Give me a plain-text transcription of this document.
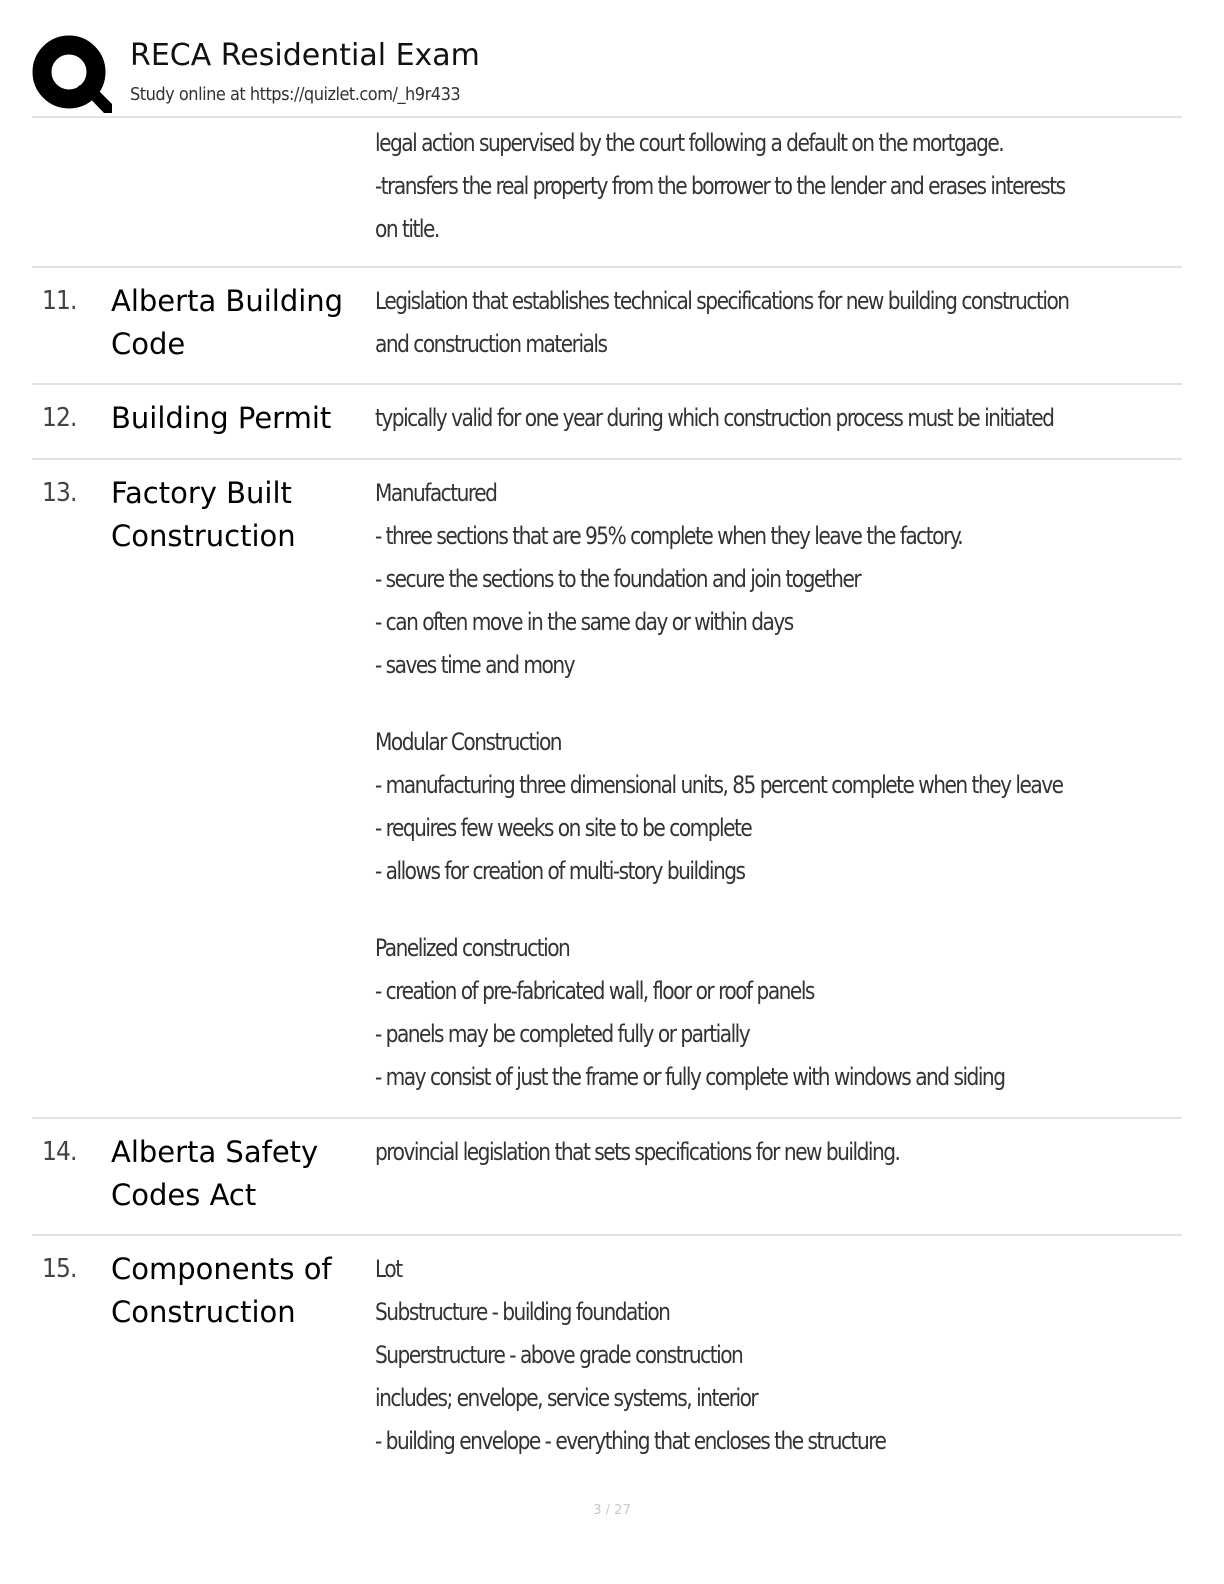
RECA Residential Exam
Study online at https://quizlet.com/_h9r433
legal action supervised by the court following a default on the mortgage.
-transfers the real property from the borrower to the lender and erases interests
on title.
11. Alberta Building
Code
Legislation that establishes technical specifications for new building construction
and construction materials
12. Building Permit	typically valid for one year during which construction process must be initiated
13. Factory Built
Construction
Manufactured
- three sections that are 95% complete when they leave the factory.
- secure the sections to the foundation and join together
- can often move in the same day or within days
- saves time and mony
Modular Construction
- manufacturing three dimensional units, 85 percent complete when they leave
- requires few weeks on site to be complete
- allows for creation of multi-story buildings
Panelized construction
- creation of pre-fabricated wall, floor or roof panels
- panels may be completed fully or partially
- may consist of just the frame or fully complete with windows and siding
14. Alberta Safety
Codes Act
provincial legislation that sets specifications for new building.
15. Components of
Construction
Lot
Substructure - building foundation
Superstructure - above grade construction
includes; envelope, service systems, interior
- building envelope - everything that encloses the structure
3 / 27
